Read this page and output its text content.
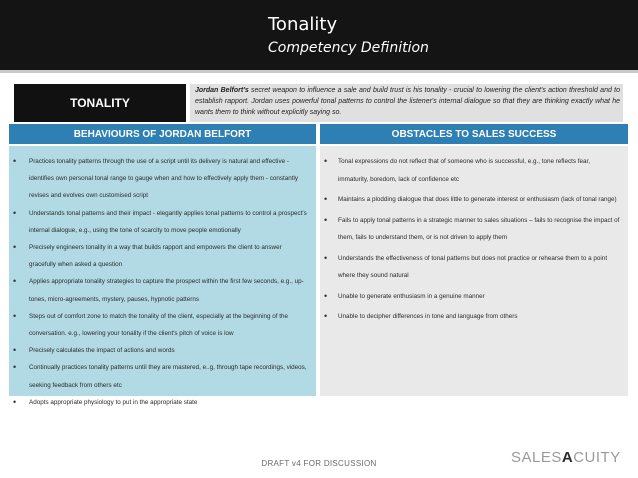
Tonality
Competency Definition
TONALITY
Jordan Belfort's secret weapon to influence a sale and build trust is his tonality - crucial to lowering the client's action threshold and to establish rapport. Jordan uses powerful tonal patterns to control the listener's internal dialogue so that they are thinking exactly what he wants them to think without explicitly saying so.
BEHAVIOURS OF JORDAN BELFORT	OBSTACLES TO SALES SUCCESS
• Practices tonality patterns through the use of a script until its delivery is natural and effective - identifies own personal tonal range to gauge when and how to effectively apply them - constantly revises and evolves own customised script
• Understands tonal patterns and their impact - elegantly applies tonal patterns to control a prospect's internal dialogue, e.g., using the tone of scarcity to move people emotionally
• Precisely engineers tonality in a way that builds rapport and empowers the client to answer gracefully when asked a question
• Applies appropriate tonality strategies to capture the prospect within the first few seconds, e.g., up-tones, micro-agreements, mystery, pauses, hypnotic patterns
• Steps out of comfort zone to match the tonality of the client, especially at the beginning of the conversation. e.g., lowering your tonality if the client's pitch of voice is low
• Precisely calculates the impact of actions and words
• Continually practices tonality patterns until they are mastered, e..g, through tape recordings, videos, seeking feedback from others etc
• Adopts appropriate physiology to put in the appropriate state
• Tonal expressions do not reflect that of someone who is successful, e.g., tone reflects fear, immaturity, boredom, lack of confidence etc
• Maintains a plodding dialogue that does little to generate interest or enthusiasm (lack of tonal range)
• Fails to apply tonal patterns in a strategic manner to sales situations – fails to recognise the impact of them, fails to understand them, or is not driven to apply them
• Understands the effectiveness of tonal patterns but does not practice or rehearse them to a point where they sound natural
• Unable to generate enthusiasm in a genuine manner
• Unable to decipher differences in tone and language from others
DRAFT v4 FOR DISCUSSION	SALESACUITY
